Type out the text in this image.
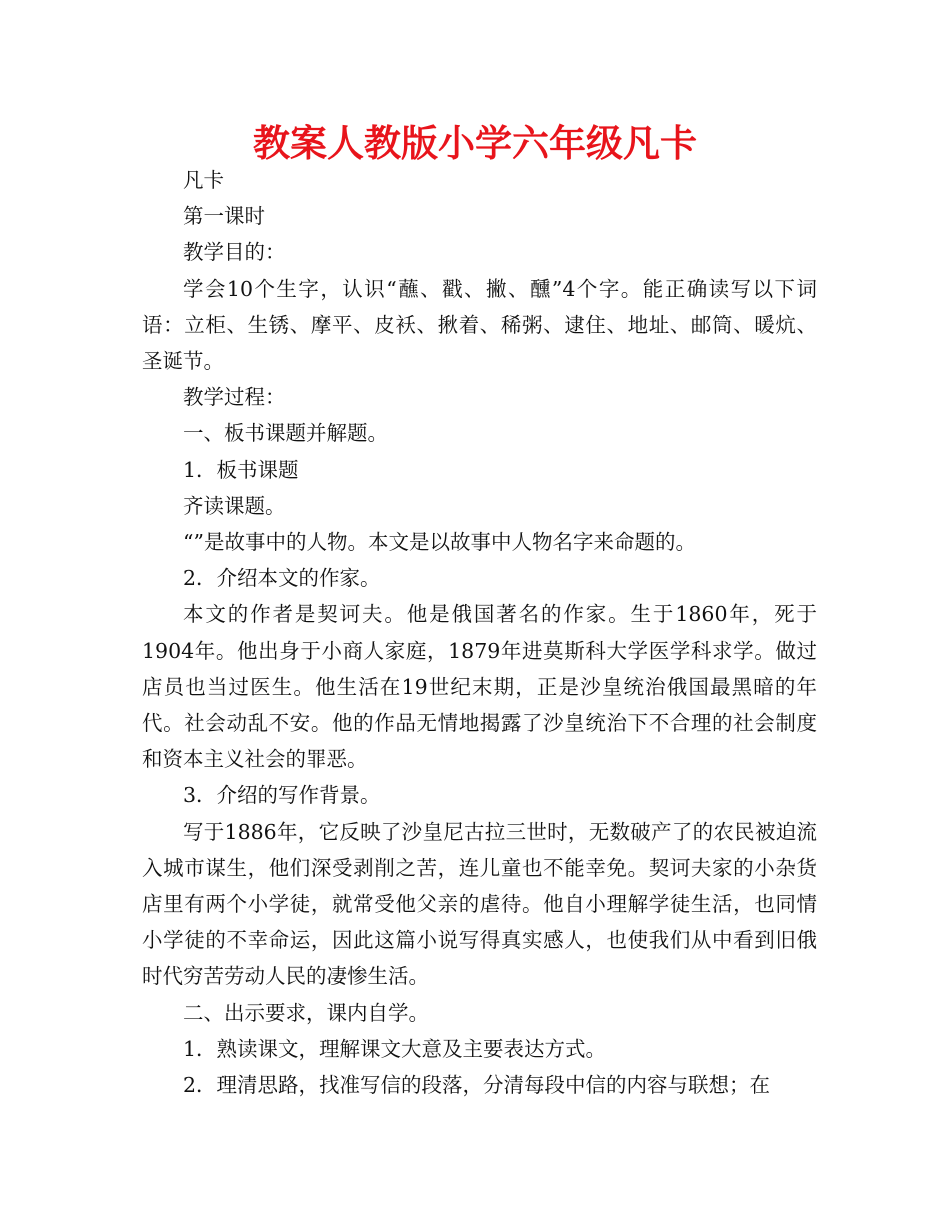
教案人教版小学六年级凡卡

凡卡

第一课时

教学目的：

学会10个生字，认识“蘸、戳、撇、醺”4个字。能正确读写以下词语：立柜、生锈、摩平、皮袄、揪着、稀粥、逮住、地址、邮筒、暖炕、圣诞节。

教学过程：

一、板书课题并解题。

1．板书课题

齐读课题。

“”是故事中的人物。本文是以故事中人物名字来命题的。

2．介绍本文的作家。

本文的作者是契诃夫。他是俄国著名的作家。生于1860年，死于1904年。他出身于小商人家庭，1879年进莫斯科大学医学科求学。做过店员也当过医生。他生活在19世纪末期，正是沙皇统治俄国最黑暗的年代。社会动乱不安。他的作品无情地揭露了沙皇统治下不合理的社会制度和资本主义社会的罪恶。

3．介绍的写作背景。

写于1886年，它反映了沙皇尼古拉三世时，无数破产了的农民被迫流入城市谋生，他们深受剥削之苦，连儿童也不能幸免。契诃夫家的小杂货店里有两个小学徒，就常受他父亲的虐待。他自小理解学徒生活，也同情小学徒的不幸命运，因此这篇小说写得真实感人，也使我们从中看到旧俄时代穷苦劳动人民的凄惨生活。

二、出示要求，课内自学。

1．熟读课文，理解课文大意及主要表达方式。

2．理清思路，找准写信的段落，分清每段中信的内容与联想；在
